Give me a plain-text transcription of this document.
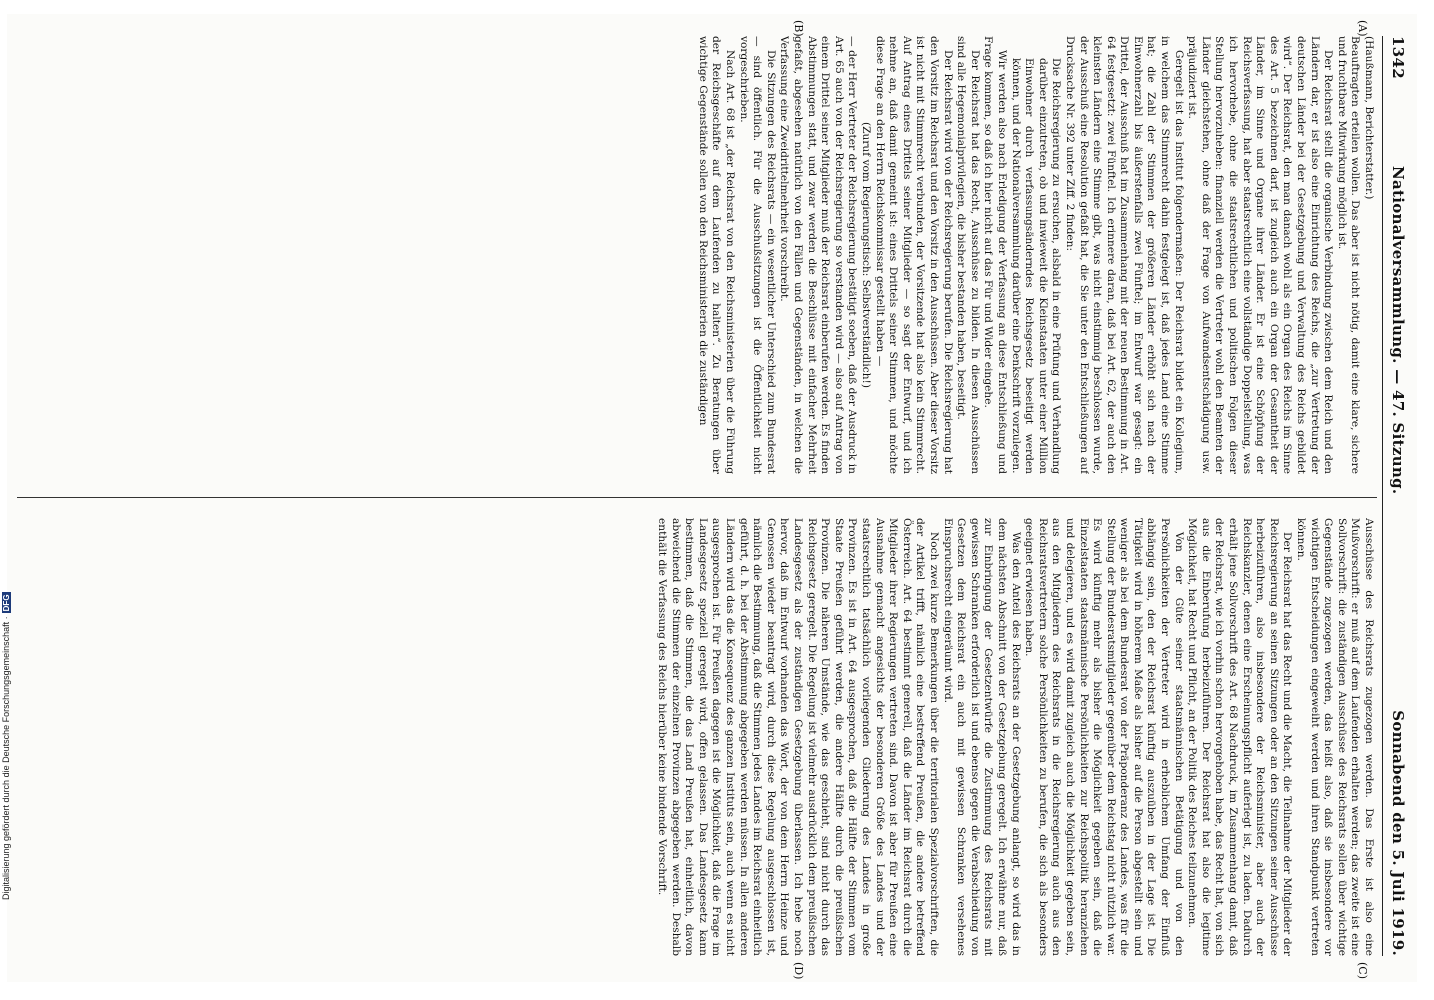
1342
Nationalversammlung. — 47. Sitzung.
Sonnabend den 5. Juli 1919.
(A)
(B)
(C)
(D)

(Haußmann, Berichterstatter.)

Beauftragten erteilen wollen. Das aber ist nicht nötig, damit eine klare, sichere und fruchtbare Mitwirkung möglich ist.

Der Reichsrat stellt die organische Verbindung zwischen dem Reich und den Ländern dar, er ist also eine Einrichtung des Reichs, die „zur Vertretung der deutschen Länder bei der Gesetzgebung und Verwaltung des Reichs gebildet wird“. Der Reichsrat, den man danach wohl als ein Organ des Reichs im Sinne des Art. 5 bezeichnen darf, ist zugleich auch ein Organ der Gesamtheit der Länder, im Sinne und Organe ihrer Länder. Er ist eine Schöpfung der Reichsverfassung, hat aber staatsrechtlich eine vollständige Doppelstellung, was ich hervorhebe, ohne die staatsrechtlichen und politischen Folgen dieser Stellung hervorzuheben: finanziell werden die Vertreter wohl den Beamten der Länder gleichstehen, ohne daß der Frage von Aufwandsentschädigung usw. präjudiziert ist.

Geregelt ist das Institut folgendermaßen: Der Reichsrat bildet ein Kollegium, in welchem das Stimmrecht dahin festgelegt ist, daß jedes Land eine Stimme hat; die Zahl der Stimmen der größeren Länder erhöht sich nach der Einwohnerzahl bis äußerstenfalls zwei Fünftel; im Entwurf war gesagt: ein Drittel, der Ausschuß hat im Zusammenhang mit der neuen Bestimmung in Art. 64 festgesetzt: zwei Fünftel. Ich erinnere daran, daß bei Art. 62, der auch den kleinsten Ländern eine Stimme gibt, was nicht einstimmig beschlossen wurde, der Ausschuß eine Resolution gefaßt hat, die Sie unter den Entschließungen auf Drucksache Nr. 392 unter Ziff. 2 finden:

Die Reichsregierung zu ersuchen, alsbald in eine Prüfung und Verhandlung darüber einzutreten, ob und inwieweit die Kleinstaaten unter einer Million Einwohner durch verfassungsänderndes Reichsgesetz beseitigt werden können, und der Nationalversammlung darüber eine Denkschrift vorzulegen.

Wir werden also nach Erledigung der Verfassung an diese Entschließung und Frage kommen, so daß ich hier nicht auf das Für und Wider eingehe.

Der Reichsrat hat das Recht, Ausschüsse zu bilden. In diesen Ausschüssen sind alle Hegemonialprivilegien, die bisher bestanden haben, beseitigt.

Der Reichsrat wird von der Reichsregierung berufen. Die Reichsregierung hat den Vorsitz im Reichsrat und den Vorsitz in den Ausschüssen. Aber dieser Vorsitz ist nicht mit Stimmrecht verbunden, der Vorsitzende hat also kein Stimmrecht. Auf Antrag eines Drittels seiner Mitglieder — so sagt der Entwurf, und ich nehme an, daß damit gemeint ist: eines Drittels seiner Stimmen, und möchte diese Frage an den Herrn Reichskommissar gestellt haben —

(Zuruf vom Regierungstisch: Selbstverständlich!)

— der Herr Vertreter der Reichsregierung bestätigt soeben, daß der Ausdruck in Art. 65 auch von der Reichsregierung so verstanden wird — also auf Antrag von einem Drittel seiner Mitglieder muß der Reichsrat einberufen werden. Es finden Abstimmungen statt, und zwar werden die Beschlüsse mit einfacher Mehrheit gefaßt, abgesehen natürlich von den Fällen und Gegenständen, in welchen die Verfassung eine Zweidrittelmehrheit vorschreibt.

Die Sitzungen des Reichsrats — ein wesentlicher Unterschied zum Bundesrat — sind öffentlich. Für die Ausschußsitzungen ist die Öffentlichkeit nicht vorgeschrieben.

Nach Art. 68 ist „der Reichsrat von den Reichsministerien über die Führung der Reichsgeschäfte auf dem Laufenden zu halten“. Zu Beratungen über wichtige Gegenstände sollen von den Reichsministerien die zuständigen

Ausschüsse des Reichsrats zugezogen werden. Das Erste ist also eine Mußvorschrift: er muß auf dem Laufenden erhalten werden; das zweite ist eine Sollvorschrift: die zuständigen Ausschüsse des Reichsrats sollen über wichtige Gegenstände zugezogen werden, das heißt also, daß sie insbesondere vor wichtigen Entscheidungen eingeweiht werden und ihren Standpunkt vertreten können.

Der Reichsrat hat das Recht und die Macht, die Teilnahme der Mitglieder der Reichsregierung an seinen Sitzungen oder an den Sitzungen seiner Ausschüsse herbeizuführen, also insbesondere der Reichsminister, aber auch der Reichskanzler, denen eine Erscheinungspflicht auferlegt ist, zu laden. Dadurch erhält jene Sollvorschrift des Art. 68 Nachdruck, im Zusammenhang damit, daß der Reichsrat, wie ich vorhin schon hervorgehoben habe, das Recht hat, von sich aus die Einberufung herbeizuführen. Der Reichsrat hat also die legitime Möglichkeit, hat Recht und Pflicht, an der Politik des Reiches teilzunehmen.

Von der Güte seiner staatsmännischen Betätigung und von den Persönlichkeiten der Vertreter wird in erheblichem Umfang der Einfluß abhängig sein, den der Reichsrat künftig auszuüben in der Lage ist. Die Tätigkeit wird in höherem Maße als bisher auf die Person abgestellt sein und weniger als bei dem Bundesrat von der Präponderanz des Landes, was für die Stellung der Bundesratsmitglieder gegenüber dem Reichstag nicht nützlich war. Es wird künftig mehr als bisher die Möglichkeit gegeben sein, daß die Einzelstaaten staatsmännische Persönlichkeiten zur Reichspolitik heranziehen und delegieren, und es wird damit zugleich auch die Möglichkeit gegeben sein, aus den Mitgliedern des Reichsrats in die Reichsregierung auch aus den Reichsratsvertretern solche Persönlichkeiten zu berufen, die sich als besonders geeignet erwiesen haben.

Was den Anteil des Reichsrats an der Gesetzgebung anlangt, so wird das in dem nächsten Abschnitt von der Gesetzgebung geregelt. Ich erwähne nur, daß zur Einbringung der Gesetzentwürfe die Zustimmung des Reichsrats mit gewissen Schranken erforderlich ist und ebenso gegen die Verabschiedung von Gesetzen dem Reichsrat ein auch mit gewissen Schranken versehenes Einspruchsrecht eingeräumt wird.

Noch zwei kurze Bemerkungen über die territorialen Spezialvorschriften, die der Artikel trifft, nämlich eine bestreffend Preußen, die andere betreffend Österreich. Art. 64 bestimmt generell, daß die Länder im Reichsrat durch die Mitglieder ihrer Regierungen vertreten sind. Davon ist aber für Preußen eine Ausnahme gemacht angesichts der besonderen Größe des Landes und der staatsrechtlich tatsächlich vorliegenden Gliederung des Landes in große Provinzen. Es ist in Art. 64 ausgesprochen, daß die Hälfte der Stimmen vom Staate Preußen geführt werden, die andere Hälfte durch die preußischen Provinzen. Die näheren Umstände, wie das geschieht, sind nicht durch das Reichsgesetz geregelt. Die Regelung ist vielmehr ausdrücklich dem preußischen Landesgesetz als der zuständigen Gesetzgebung überlassen. Ich hebe noch hervor, daß im Entwurf vorhanden das Wort, der von dem Herrn Heinze und Genossen wieder beantragt wird, durch diese Regelung ausgeschlossen ist, nämlich die Bestimmung, daß die Stimmen jedes Landes im Reichsrat einheitlich geführt, d. h. bei der Abstimmung abgegeben werden müssen. In allen anderen Ländern wird das die Konsequenz des ganzen Instituts sein, auch wenn es nicht ausgesprochen ist. Für Preußen dagegen ist die Möglichkeit, daß die Frage im Landesgesetz speziell geregelt wird, offen gelassen. Das Landesgesetz kann bestimmen, daß die Stimmen, die das Land Preußen hat, einheitlich, davon abweichend die Stimmen der einzelnen Provinzen abgegeben werden. Deshalb enthält die Verfassung des Reichs hierüber keine bindende Vorschrift.

Digitalisierung gefördert durch die Deutsche Forschungsgemeinschaft ·DFG
